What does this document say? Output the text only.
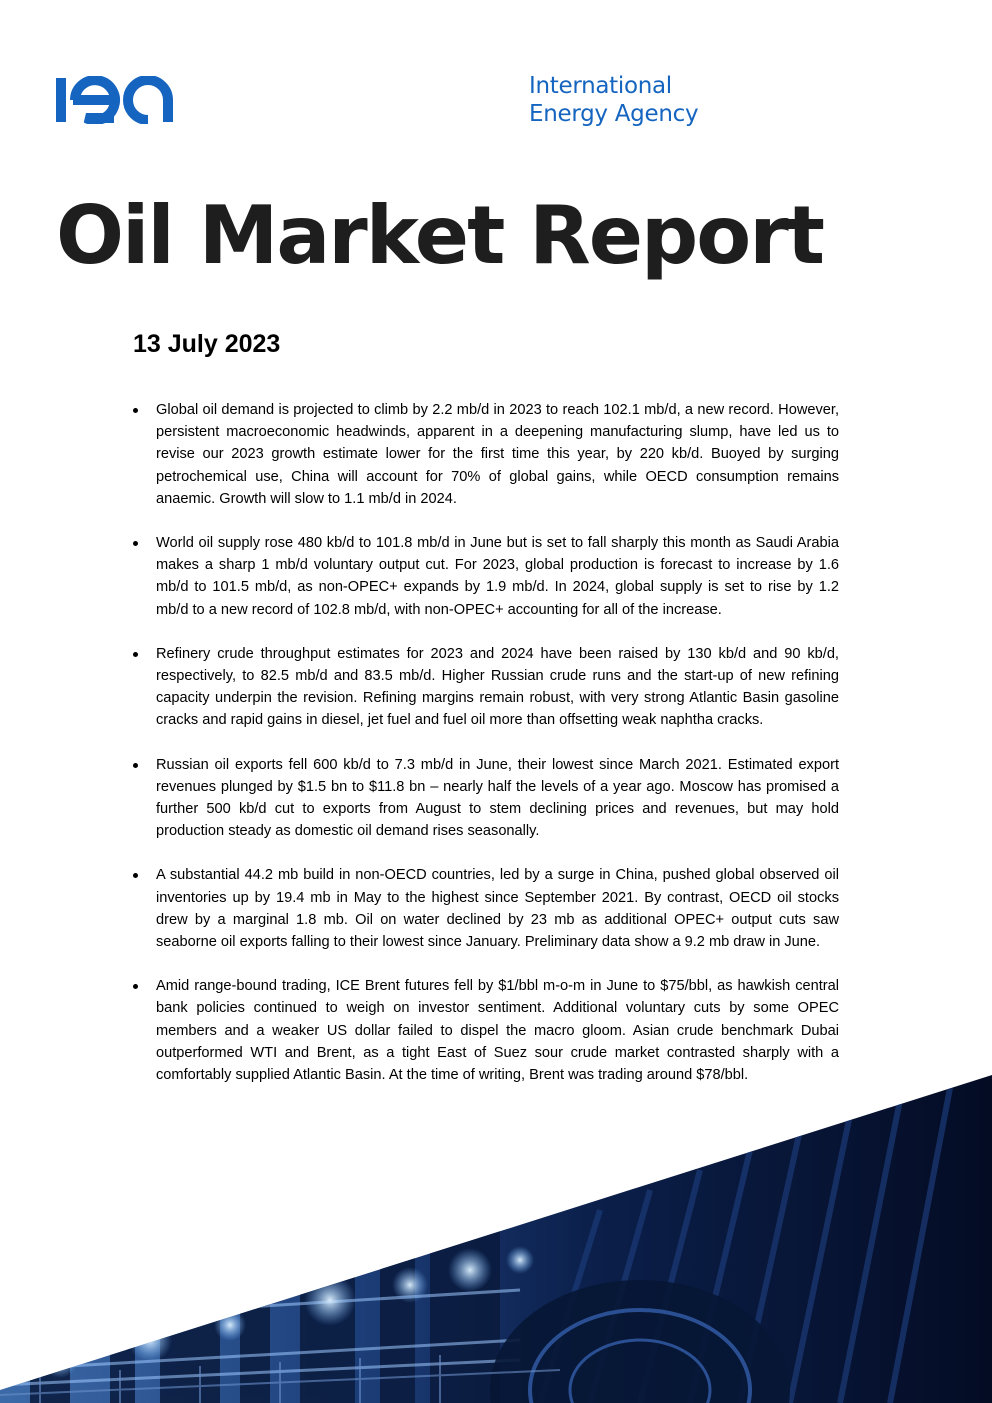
International
Energy Agency
Oil Market Report
13 July 2023
Global oil demand is projected to climb by 2.2 mb/d in 2023 to reach 102.1 mb/d, a new record. However, persistent macroeconomic headwinds, apparent in a deepening manufacturing slump, have led us to revise our 2023 growth estimate lower for the first time this year, by 220 kb/d. Buoyed by surging petrochemical use, China will account for 70% of global gains, while OECD consumption remains anaemic. Growth will slow to 1.1 mb/d in 2024.
World oil supply rose 480 kb/d to 101.8 mb/d in June but is set to fall sharply this month as Saudi Arabia makes a sharp 1 mb/d voluntary output cut. For 2023, global production is forecast to increase by 1.6 mb/d to 101.5 mb/d, as non-OPEC+ expands by 1.9 mb/d. In 2024, global supply is set to rise by 1.2 mb/d to a new record of 102.8 mb/d, with non-OPEC+ accounting for all of the increase.
Refinery crude throughput estimates for 2023 and 2024 have been raised by 130 kb/d and 90 kb/d, respectively, to 82.5 mb/d and 83.5 mb/d. Higher Russian crude runs and the start-up of new refining capacity underpin the revision. Refining margins remain robust, with very strong Atlantic Basin gasoline cracks and rapid gains in diesel, jet fuel and fuel oil more than offsetting weak naphtha cracks.
Russian oil exports fell 600 kb/d to 7.3 mb/d in June, their lowest since March 2021. Estimated export revenues plunged by $1.5 bn to $11.8 bn – nearly half the levels of a year ago. Moscow has promised a further 500 kb/d cut to exports from August to stem declining prices and revenues, but may hold production steady as domestic oil demand rises seasonally.
A substantial 44.2 mb build in non-OECD countries, led by a surge in China, pushed global observed oil inventories up by 19.4 mb in May to the highest since September 2021. By contrast, OECD oil stocks drew by a marginal 1.8 mb. Oil on water declined by 23 mb as additional OPEC+ output cuts saw seaborne oil exports falling to their lowest since January. Preliminary data show a 9.2 mb draw in June.
Amid range-bound trading, ICE Brent futures fell by $1/bbl m-o-m in June to $75/bbl, as hawkish central bank policies continued to weigh on investor sentiment. Additional voluntary cuts by some OPEC members and a weaker US dollar failed to dispel the macro gloom. Asian crude benchmark Dubai outperformed WTI and Brent, as a tight East of Suez sour crude market contrasted sharply with a comfortably supplied Atlantic Basin. At the time of writing, Brent was trading around $78/bbl.
